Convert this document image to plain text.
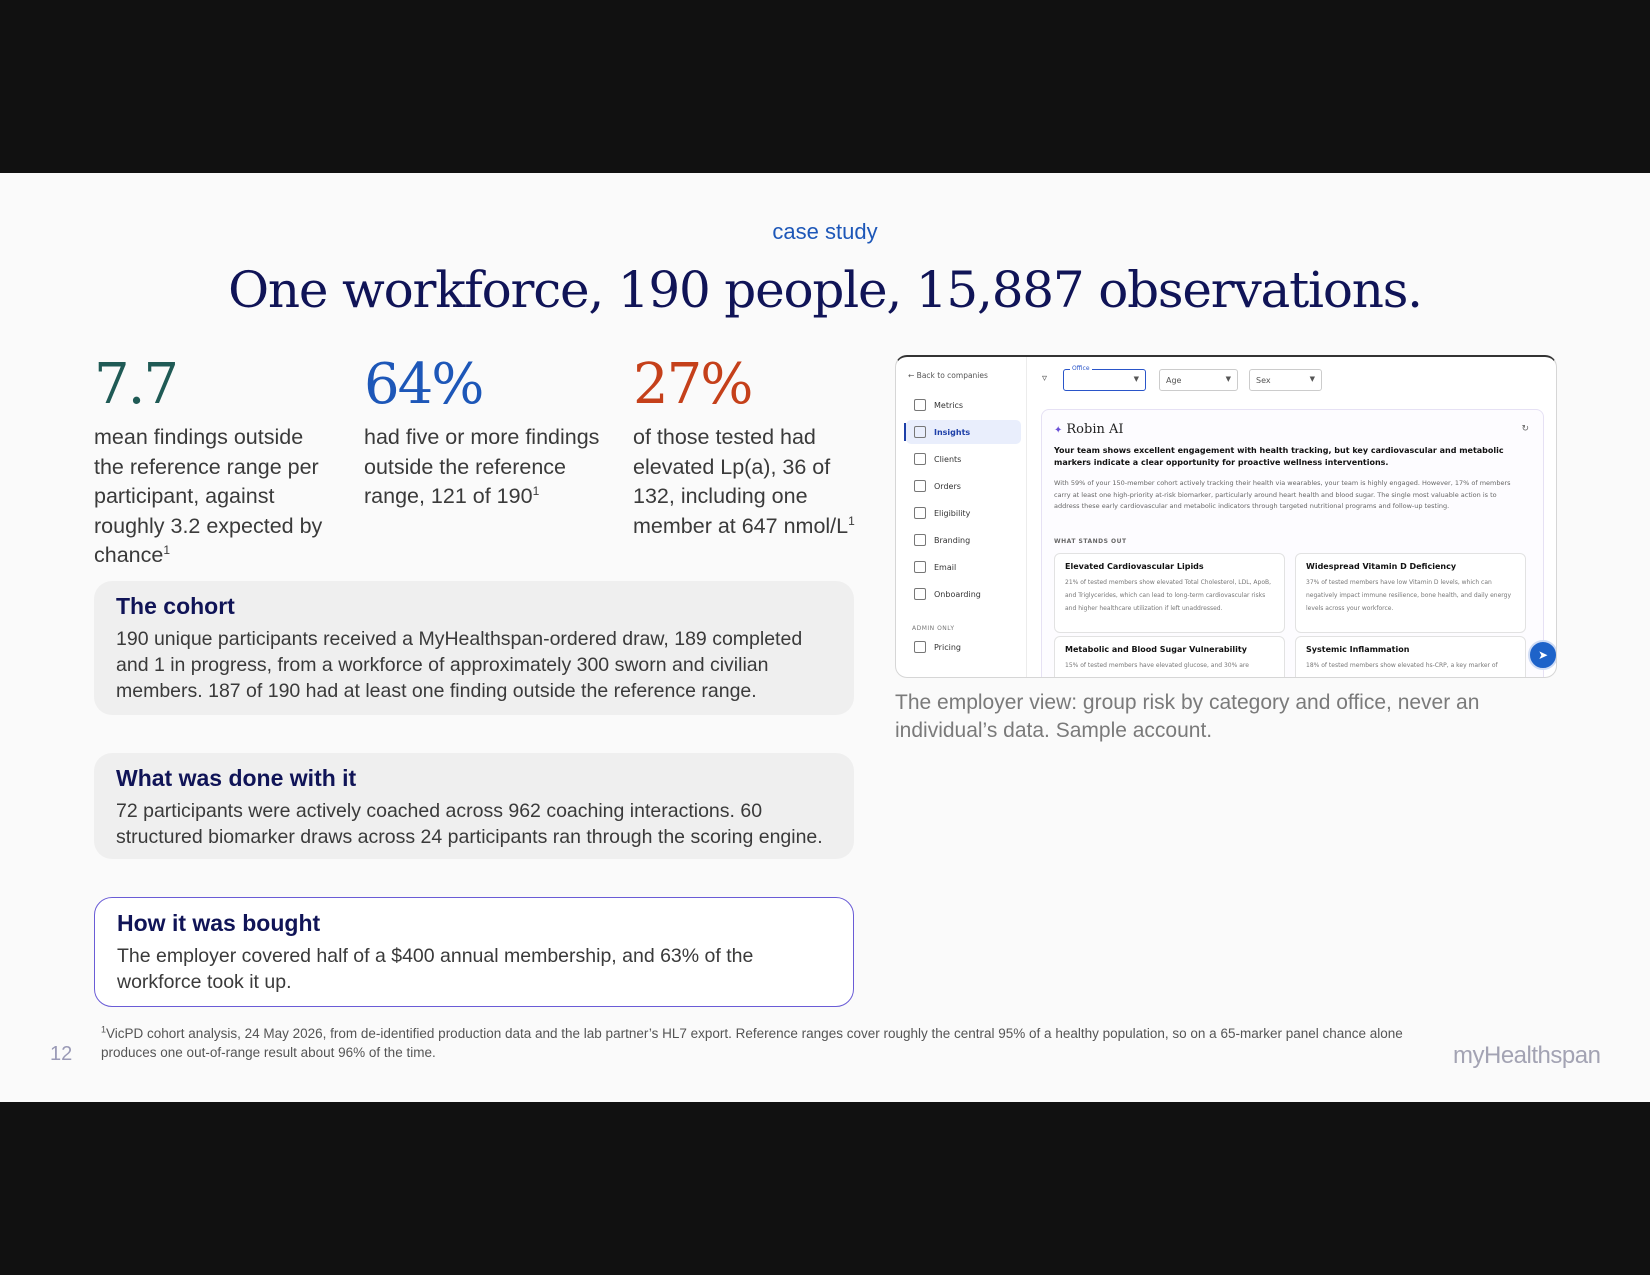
case study
One workforce, 190 people, 15,887 observations.
7.7
mean findings outside the reference range per participant, against roughly 3.2 expected by chance$^1$
64%
had five or more findings outside the reference range, 121 of $190^1$
27%
of those tested had elevated Lp(a), 36 of 132, including one member at 647 nmol/$L^1$
The cohort

190 unique participants received a MyHealthspan-ordered draw, 189 completed and 1 in progress, from a workforce of approximately 300 sworn and civilian members. 187 of 190 had at least one finding outside the reference range.

What was done with it

72 participants were actively coached across 962 coaching interactions. 60 structured biomarker draws across 24 participants ran through the scoring engine.

How it was bought

The employer covered half of a $400 annual membership, and 63% of the workforce took it up.

← Back to companies
Metrics
Insights
Clients
Orders
Eligibility
Branding
Email
Onboarding
ADMIN ONLY
Pricing
▿
Office
▼	Age	▼	Sex	▼
✦ Robin AI	↻
Your team shows excellent engagement with health tracking, but key cardiovascular and metabolic markers indicate a clear opportunity for proactive wellness interventions.
With 59% of your 150-member cohort actively tracking their health via wearables, your team is highly engaged. However, 17% of members carry at least one high-priority at-risk biomarker, particularly around heart health and blood sugar. The single most valuable action is to address these early cardiovascular and metabolic indicators through targeted nutritional programs and follow-up testing.
WHAT STANDS OUT
Elevated Cardiovascular Lipids
21% of tested members show elevated Total Cholesterol, LDL, ApoB, and Triglycerides, which can lead to long-term cardiovascular risks and higher healthcare utilization if left unaddressed.
Widespread Vitamin D Deficiency
37% of tested members have low Vitamin D levels, which can negatively impact immune resilience, bone health, and daily energy levels across your workforce.
Metabolic and Blood Sugar Vulnerability
15% of tested members have elevated glucose, and 30% are
Systemic Inflammation
18% of tested members show elevated hs-CRP, a key marker of
➤
The employer view: group risk by category and office, never an individual’s data. Sample account.
12
$^1$VicPD cohort analysis, 24 May 2026, from de-identified production data and the lab partner’s HL7 export. Reference ranges cover roughly the central 95% of a healthy population, so on a 65-marker panel chance alone produces one out-of-range result about 96% of the time.	myHealthspan
